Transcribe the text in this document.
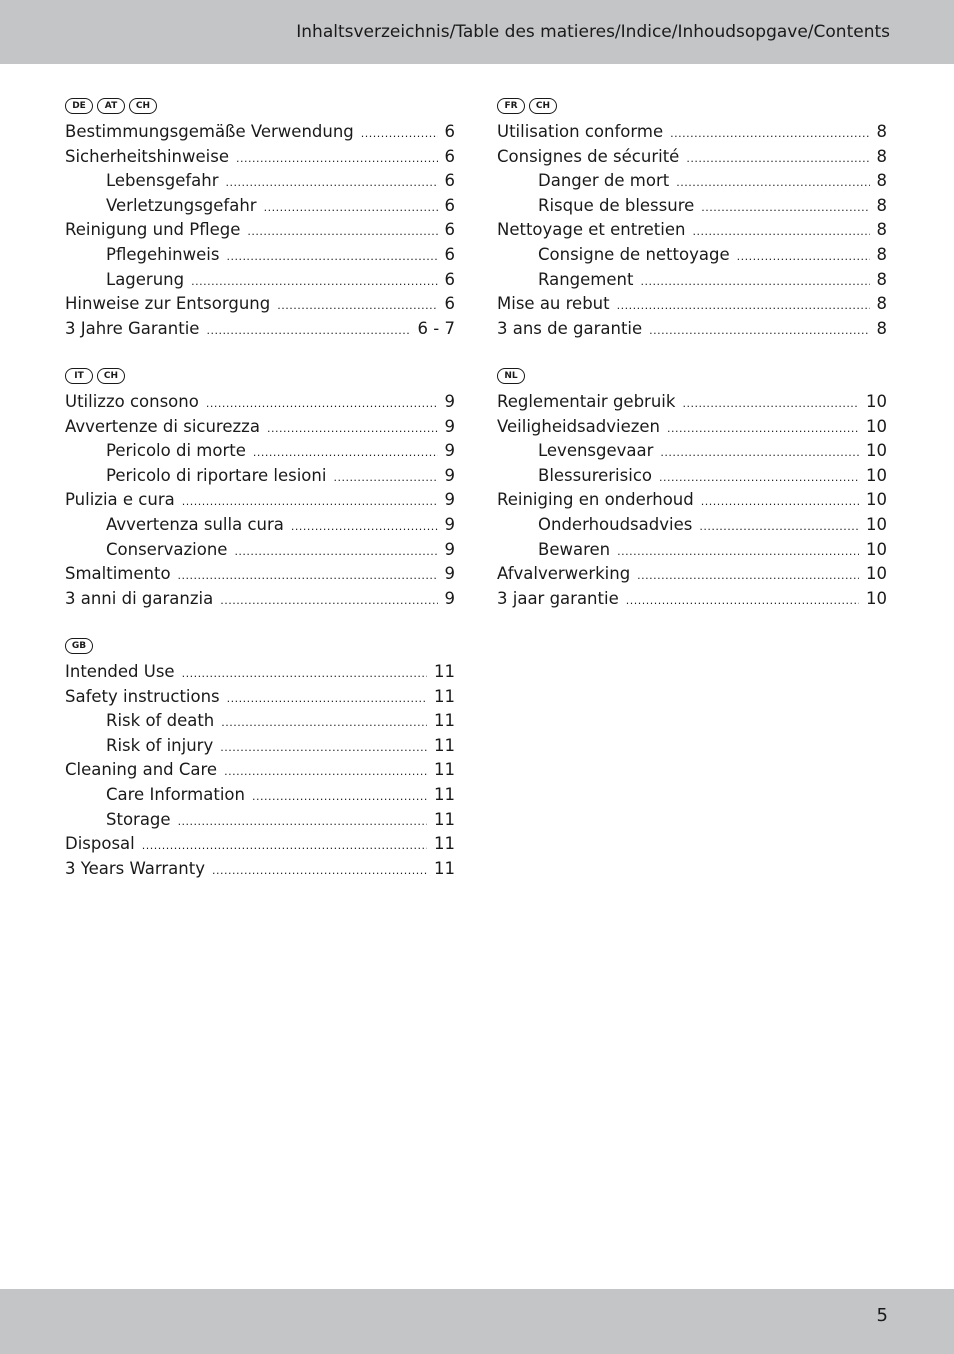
Inhaltsverzeichnis/Table des matieres/Indice/Inhoudsopgave/Contents
DE	AT	CH
Bestimmungsgemäße Verwendung .....	6
Sicherheitshinweise .....	6
Lebensgefahr .....	6
Verletzungsgefahr .....	6
Reinigung und Pflege .....	6
Pflegehinweis .....	6
Lagerung .....	6
Hinweise zur Entsorgung .....	6
3 Jahre Garantie .....	6 - 7
FR	CH
Utilisation conforme .....	8
Consignes de sécurité .....	8
Danger de mort .....	8
Risque de blessure .....	8
Nettoyage et entretien .....	8
Consigne de nettoyage .....	8
Rangement .....	8
Mise au rebut .....	8
3 ans de garantie .....	8
IT	CH
Utilizzo consono .....	9
Avvertenze di sicurezza .....	9
Pericolo di morte .....	9
Pericolo di riportare lesioni .....	9
Pulizia e cura .....	9
Avvertenza sulla cura .....	9
Conservazione .....	9
Smaltimento .....	9
3 anni di garanzia .....	9
NL
Reglementair gebruik .....	10
Veiligheidsadviezen .....	10
Levensgevaar .....	10
Blessurerisico .....	10
Reiniging en onderhoud .....	10
Onderhoudsadvies .....	10
Bewaren .....	10
Afvalverwerking .....	10
3 jaar garantie .....	10
GB
Intended Use .....	11
Safety instructions .....	11
Risk of death .....	11
Risk of injury .....	11
Cleaning and Care .....	11
Care Information .....	11
Storage .....	11
Disposal .....	11
3 Years Warranty .....	11
5
